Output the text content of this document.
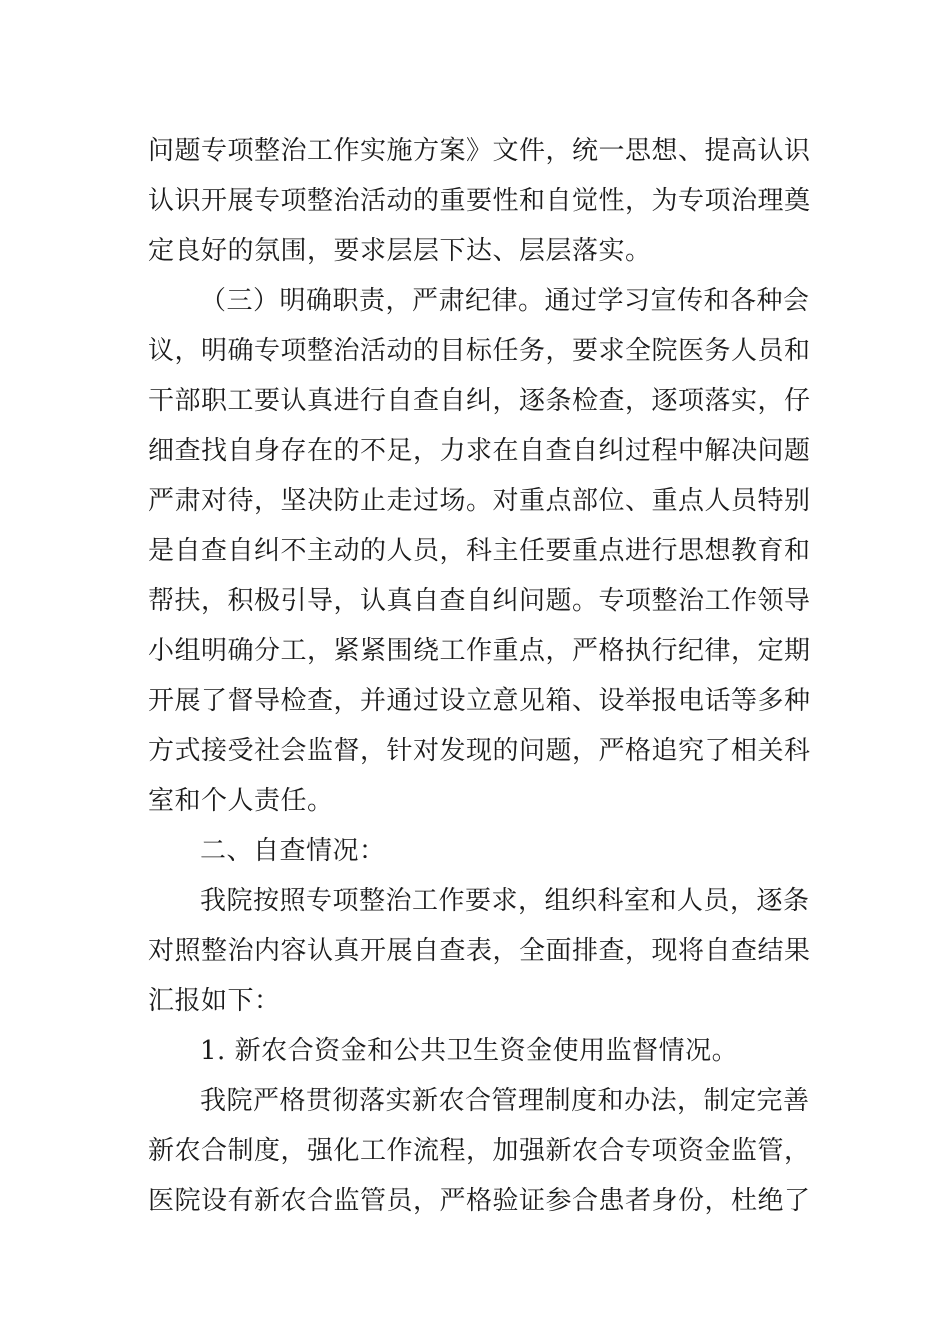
问题专项整治工作实施方案》文件，统一思想、提高认识
认识开展专项整治活动的重要性和自觉性，为专项治理奠
定良好的氛围，要求层层下达、层层落实。
（三）明确职责，严肃纪律。通过学习宣传和各种会
议，明确专项整治活动的目标任务，要求全院医务人员和
干部职工要认真进行自查自纠，逐条检查，逐项落实，仔
细查找自身存在的不足，力求在自查自纠过程中解决问题
严肃对待，坚决防止走过场。对重点部位、重点人员特别
是自查自纠不主动的人员，科主任要重点进行思想教育和
帮扶，积极引导，认真自查自纠问题。专项整治工作领导
小组明确分工，紧紧围绕工作重点，严格执行纪律，定期
开展了督导检查，并通过设立意见箱、设举报电话等多种
方式接受社会监督，针对发现的问题，严格追究了相关科
室和个人责任。
二、自查情况：
我院按照专项整治工作要求，组织科室和人员，逐条
对照整治内容认真开展自查表，全面排查，现将自查结果
汇报如下：
1. 新农合资金和公共卫生资金使用监督情况。
我院严格贯彻落实新农合管理制度和办法，制定完善
新农合制度，强化工作流程，加强新农合专项资金监管，
医院设有新农合监管员，严格验证参合患者身份，杜绝了
